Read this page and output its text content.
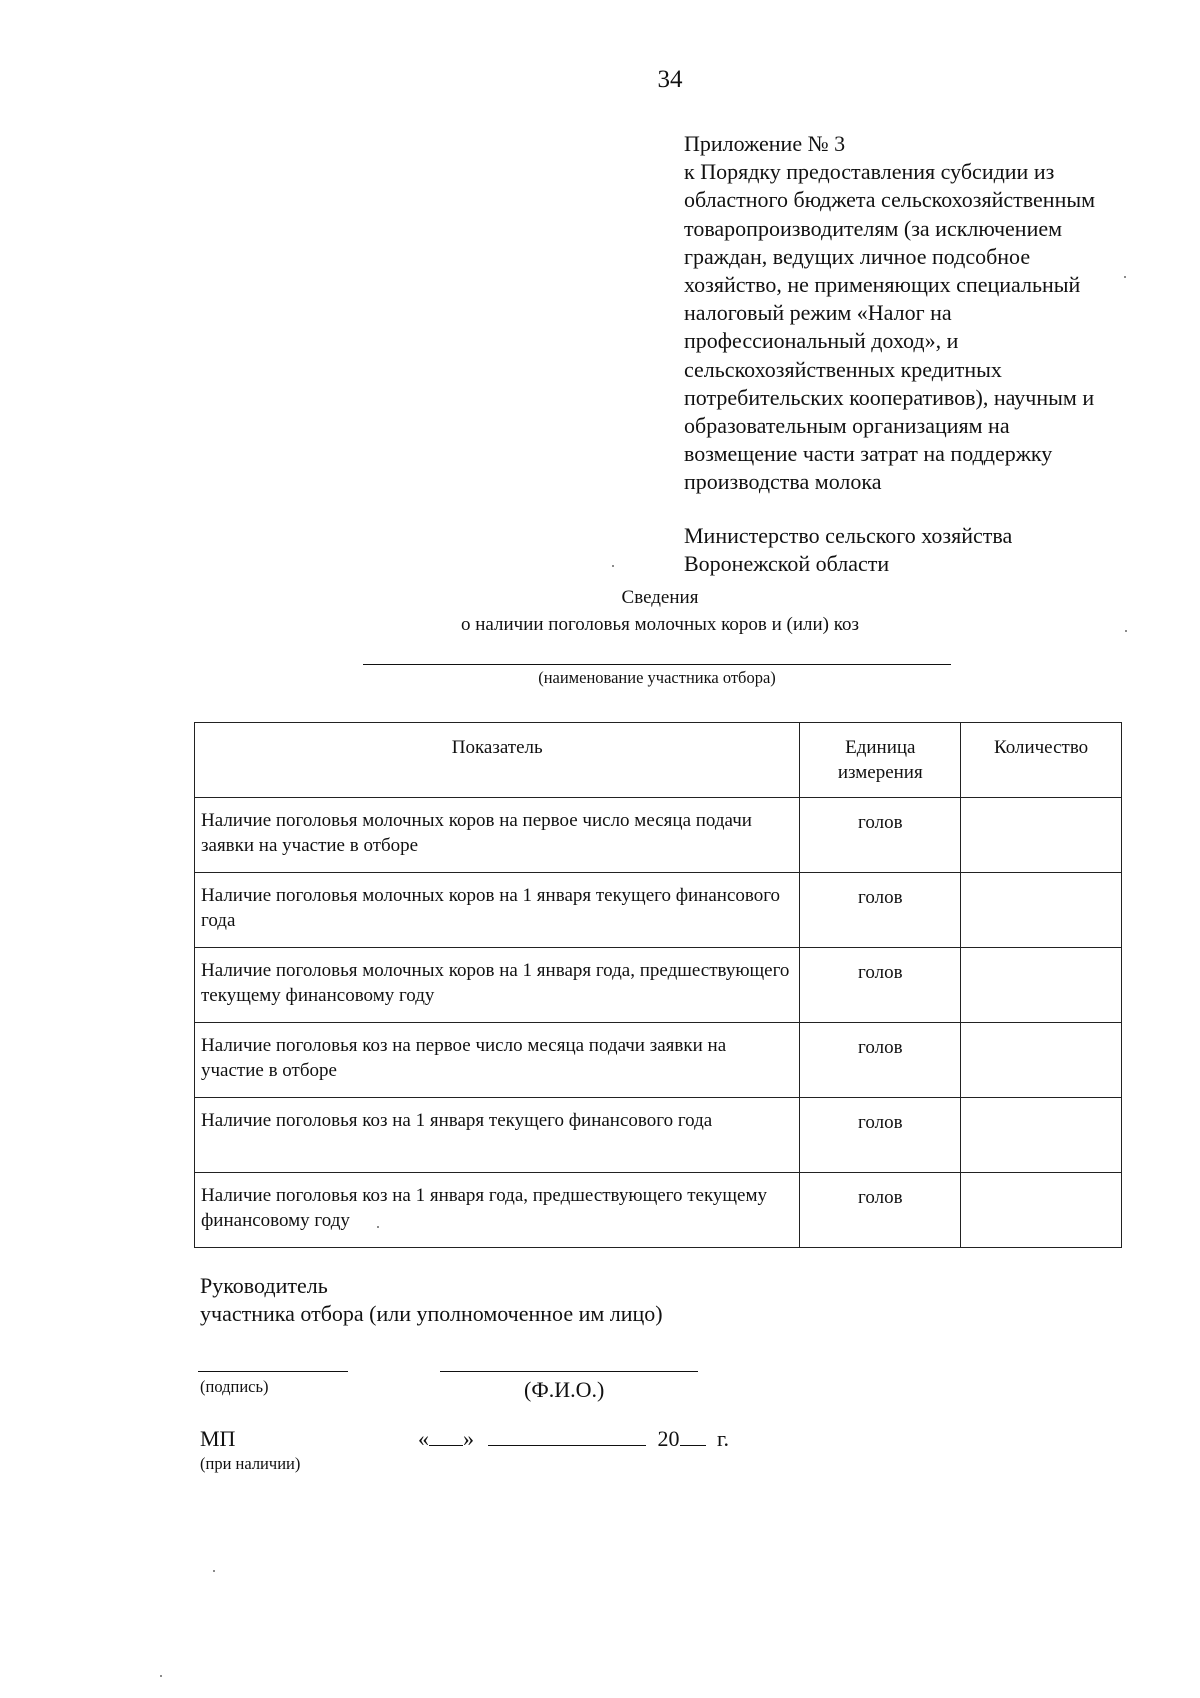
34
Приложение № 3
к Порядку предоставления субсидии из
областного бюджета сельскохозяйственным
товаропроизводителям (за исключением
граждан, ведущих личное подсобное
хозяйство, не применяющих специальный
налоговый режим «Налог на
профессиональный доход», и
сельскохозяйственных кредитных
потребительских кооперативов), научным и
образовательным организациям на
возмещение части затрат на поддержку
производства молока
Министерство сельского хозяйства
Воронежской области
Сведения
о наличии поголовья молочных коров и (или) коз
(наименование участника отбора)
Показатель	Единица измерения	Количество
Наличие поголовья молочных коров на первое число месяца подачи заявки на участие в отборе	голов	
Наличие поголовья молочных коров на 1 января текущего финансового года	голов	
Наличие поголовья молочных коров на 1 января года, предшествующего текущему финансовому году	голов	
Наличие поголовья коз на первое число месяца подачи заявки на участие в отборе	голов	
Наличие поголовья коз на 1 января текущего финансового года	голов	
Наличие поголовья коз на 1 января года, предшествующего текущему финансовому году	голов	
Руководитель
участника отбора (или уполномоченное им лицо)
(подпись)	(Ф.И.О.)
МП
(при наличии)
« »	20 г.
